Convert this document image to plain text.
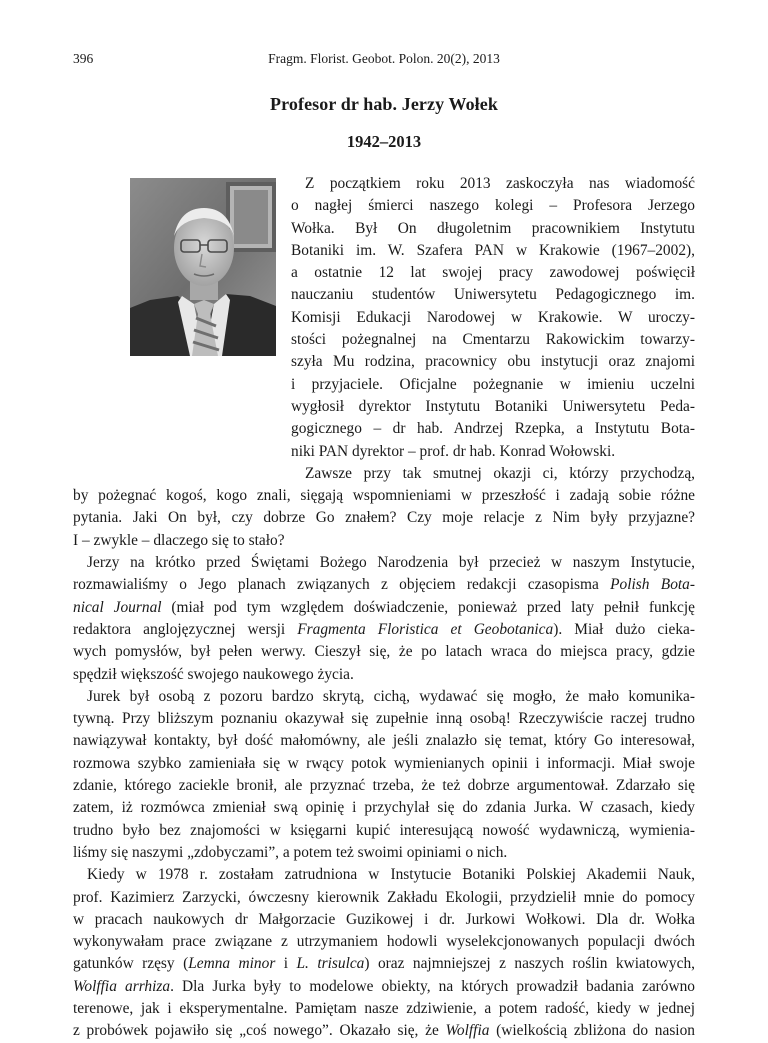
396	Fragm. Florist. Geobot. Polon. 20(2), 2013
Profesor dr hab. Jerzy Wołek
1942–2013
Z początkiem roku 2013 zaskoczyła nas wiadomość
o nagłej śmierci naszego kolegi – Profesora Jerzego
Wołka. Był On długoletnim pracownikiem Instytutu
Botaniki im. W. Szafera PAN w Krakowie (1967–2002),
a ostatnie 12 lat swojej pracy zawodowej poświęcił
nauczaniu studentów Uniwersytetu Pedagogicznego im.
Komisji Edukacji Narodowej w Krakowie. W uroczy-
stości pożegnalnej na Cmentarzu Rakowickim towarzy-
szyła Mu rodzina, pracownicy obu instytucji oraz znajomi
i przyjaciele. Oficjalne pożegnanie w imieniu uczelni
wygłosił dyrektor Instytutu Botaniki Uniwersytetu Peda-
gogicznego – dr hab. Andrzej Rzepka, a Instytutu Bota-
niki PAN dyrektor – prof. dr hab. Konrad Wołowski.
Zawsze przy tak smutnej okazji ci, którzy przychodzą,
by pożegnać kogoś, kogo znali, sięgają wspomnieniami w przeszłość i zadają sobie różne
pytania. Jaki On był, czy dobrze Go znałem? Czy moje relacje z Nim były przyjazne?
I – zwykle – dlaczego się to stało?
Jerzy na krótko przed Świętami Bożego Narodzenia był przecież w naszym Instytucie,
rozmawialiśmy o Jego planach związanych z objęciem redakcji czasopisma Polish Bota-
nical Journal (miał pod tym względem doświadczenie, ponieważ przed laty pełnił funkcję
redaktora anglojęzycznej wersji Fragmenta Floristica et Geobotanica). Miał dużo cieka-
wych pomysłów, był pełen werwy. Cieszył się, że po latach wraca do miejsca pracy, gdzie
spędził większość swojego naukowego życia.
Jurek był osobą z pozoru bardzo skrytą, cichą, wydawać się mogło, że mało komunika-
tywną. Przy bliższym poznaniu okazywał się zupełnie inną osobą! Rzeczywiście raczej trudno
nawiązywał kontakty, był dość małomówny, ale jeśli znalazło się temat, który Go interesował,
rozmowa szybko zamieniała się w rwący potok wymienianych opinii i informacji. Miał swoje
zdanie, którego zaciekle bronił, ale przyznać trzeba, że też dobrze argumentował. Zdarzało się
zatem, iż rozmówca zmieniał swą opinię i przychylał się do zdania Jurka. W czasach, kiedy
trudno było bez znajomości w księgarni kupić interesującą nowość wydawniczą, wymienia-
liśmy się naszymi „zdobyczami”, a potem też swoimi opiniami o nich.
Kiedy w 1978 r. zostałam zatrudniona w Instytucie Botaniki Polskiej Akademii Nauk,
prof. Kazimierz Zarzycki, ówczesny kierownik Zakładu Ekologii, przydzielił mnie do pomocy
w pracach naukowych dr Małgorzacie Guzikowej i dr. Jurkowi Wołkowi. Dla dr. Wołka
wykonywałam prace związane z utrzymaniem hodowli wyselekcjonowanych populacji dwóch
gatunków rzęsy (Lemna minor i L. trisulca) oraz najmniejszej z naszych roślin kwiatowych,
Wolffia arrhiza. Dla Jurka były to modelowe obiekty, na których prowadził badania zarówno
terenowe, jak i eksperymentalne. Pamiętam nasze zdziwienie, a potem radość, kiedy w jednej
z probówek pojawiło się „coś nowego”. Okazało się, że Wolffia (wielkością zbliżona do nasion
